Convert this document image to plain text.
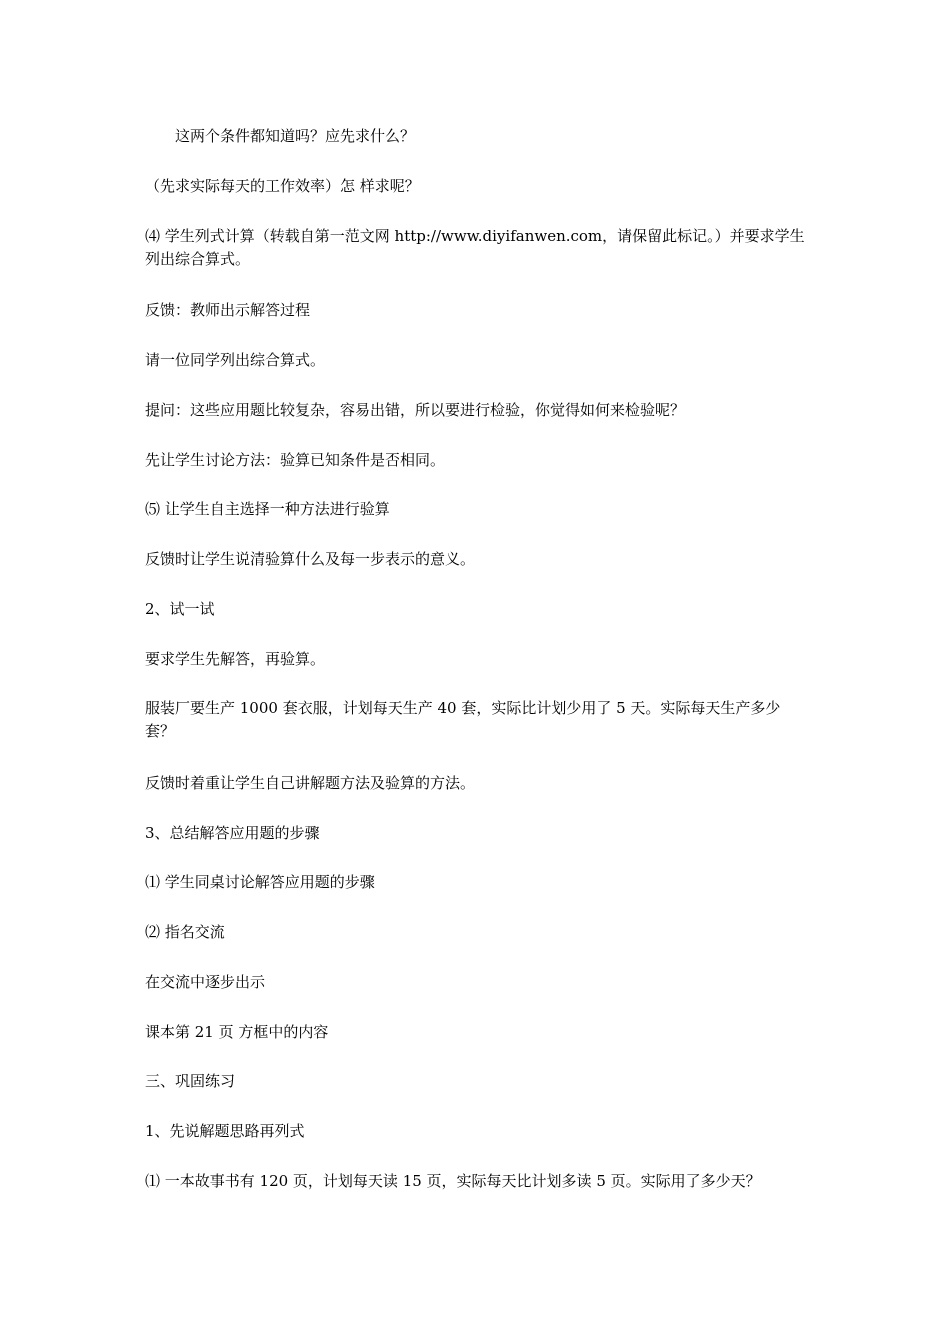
　　这两个条件都知道吗？应先求什么？

（先求实际每天的工作效率）怎 样求呢？

⑷ 学生列式计算（转载自第一范文网 http://www.diyifanwen.com，请保留此标记。）并要求学生列出综合算式。

反馈：教师出示解答过程

请一位同学列出综合算式。

提问：这些应用题比较复杂，容易出错，所以要进行检验，你觉得如何来检验呢？

先让学生讨论方法：验算已知条件是否相同。

⑸ 让学生自主选择一种方法进行验算

反馈时让学生说清验算什么及每一步表示的意义。

2、试一试

要求学生先解答，再验算。

服装厂要生产 1000 套衣服，计划每天生产 40 套，实际比计划少用了 5 天。实际每天生产多少套？

反馈时着重让学生自己讲解题方法及验算的方法。

3、总结解答应用题的步骤

⑴ 学生同桌讨论解答应用题的步骤

⑵ 指名交流

在交流中逐步出示

课本第 21 页 方框中的内容

三、巩固练习

1、先说解题思路再列式

⑴ 一本故事书有 120 页，计划每天读 15 页，实际每天比计划多读 5 页。实际用了多少天？
